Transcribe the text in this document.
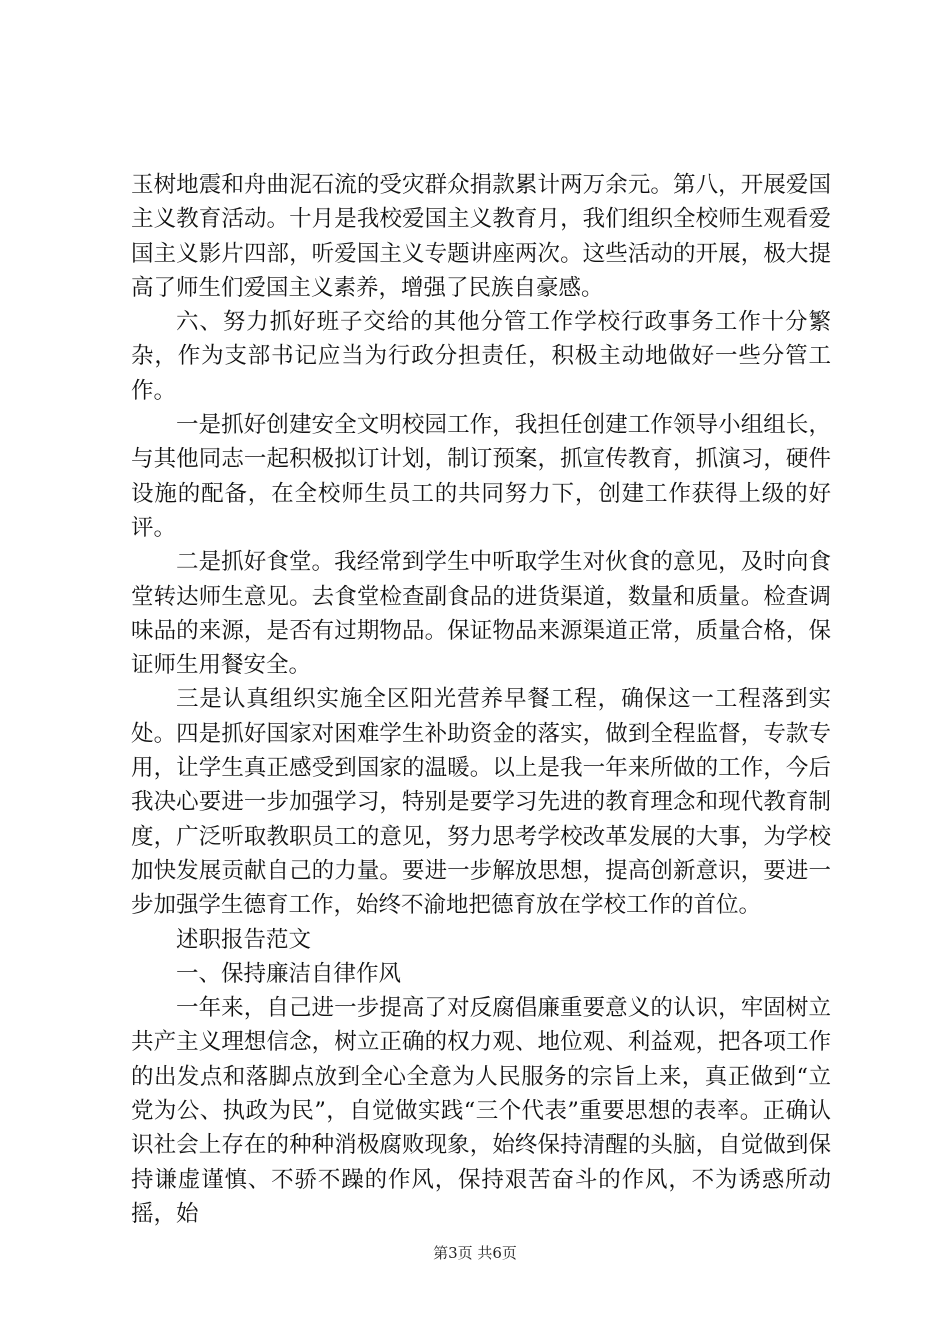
玉树地震和舟曲泥石流的受灾群众捐款累计两万余元。第八，开展爱国主义教育活动。十月是我校爱国主义教育月，我们组织全校师生观看爱国主义影片四部，听爱国主义专题讲座两次。这些活动的开展，极大提高了师生们爱国主义素养，增强了民族自豪感。

六、努力抓好班子交给的其他分管工作学校行政事务工作十分繁杂，作为支部书记应当为行政分担责任，积极主动地做好一些分管工作。

一是抓好创建安全文明校园工作，我担任创建工作领导小组组长，与其他同志一起积极拟订计划，制订预案，抓宣传教育，抓演习，硬件设施的配备，在全校师生员工的共同努力下，创建工作获得上级的好评。

二是抓好食堂。我经常到学生中听取学生对伙食的意见，及时向食堂转达师生意见。去食堂检查副食品的进货渠道，数量和质量。检查调味品的来源，是否有过期物品。保证物品来源渠道正常，质量合格，保证师生用餐安全。

三是认真组织实施全区阳光营养早餐工程，确保这一工程落到实处。四是抓好国家对困难学生补助资金的落实，做到全程监督，专款专用，让学生真正感受到国家的温暖。以上是我一年来所做的工作，今后我决心要进一步加强学习，特别是要学习先进的教育理念和现代教育制度，广泛听取教职员工的意见，努力思考学校改革发展的大事，为学校加快发展贡献自己的力量。要进一步解放思想，提高创新意识，要进一步加强学生德育工作，始终不渝地把德育放在学校工作的首位。

述职报告范文

一、保持廉洁自律作风

一年来，自己进一步提高了对反腐倡廉重要意义的认识，牢固树立共产主义理想信念，树立正确的权力观、地位观、利益观，把各项工作的出发点和落脚点放到全心全意为人民服务的宗旨上来，真正做到“立党为公、执政为民”，自觉做实践“三个代表”重要思想的表率。正确认识社会上存在的种种消极腐败现象，始终保持清醒的头脑，自觉做到保持谦虚谨慎、不骄不躁的作风，保持艰苦奋斗的作风，不为诱惑所动摇，始

第3页 共6页
